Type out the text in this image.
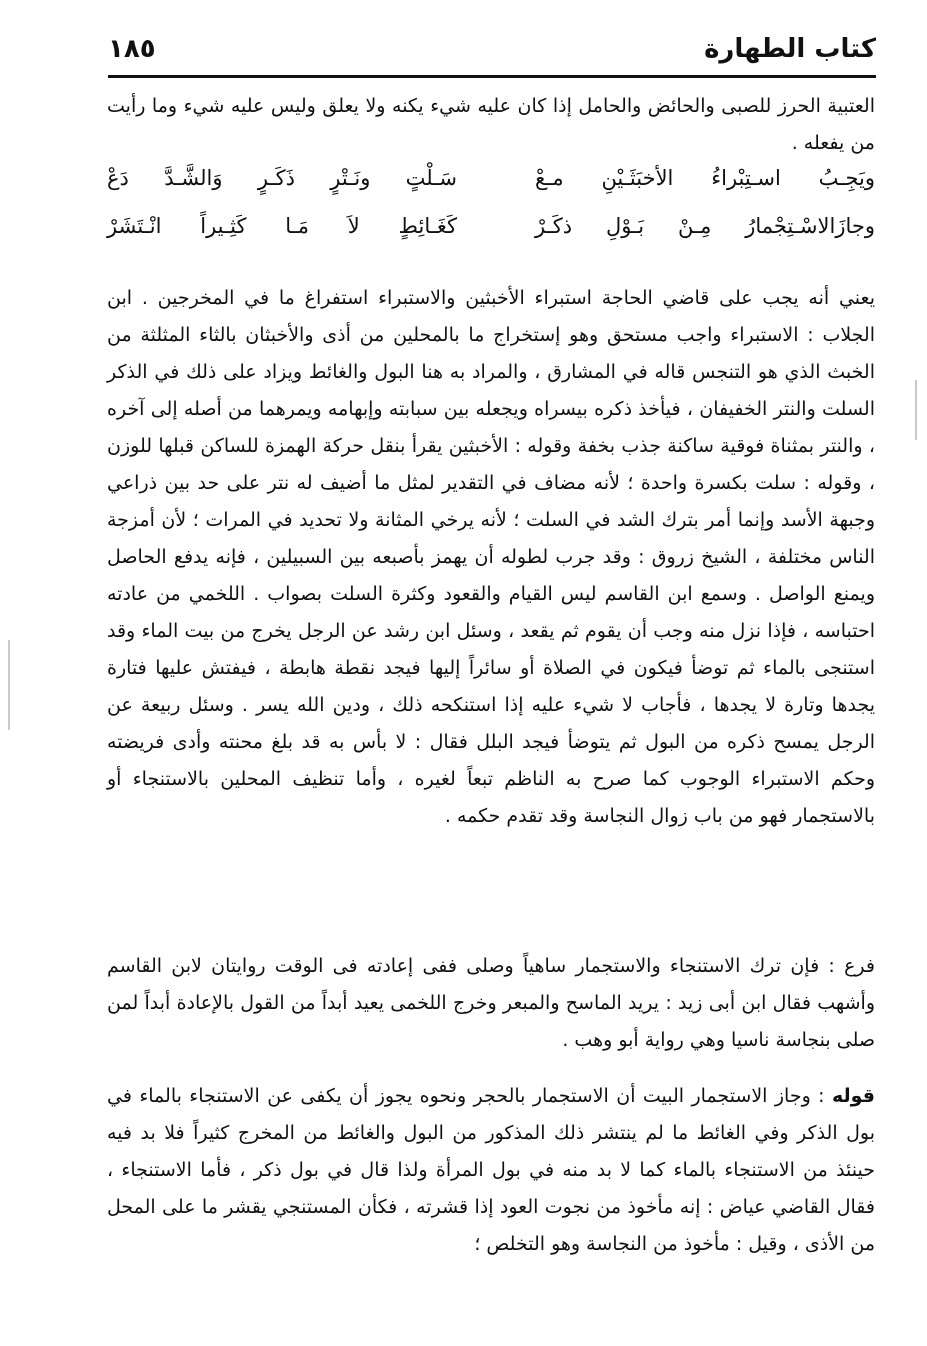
كتاب الطهارة
١٨٥

العتبية الحرز للصبى والحائض والحامل إذا كان عليه شيء يكنه ولا يعلق وليس عليه شيء وما رأيت من يفعله .

ويَجِـبُ اسـتِبْراءُ الأخبَثَـيْنِ مـعْ
سَـلْتٍ ونَـتْرٍ ذَكَـرٍ وَالشَّـدَّ دَعْ
وجازَالاسْـتِجْمارُ مِـنْ بَـوْلِ ذكَـرْ
كَغَـائِطٍ لاَ مَـا كَثِـيراً انْـتَشَرْ

يعني أنه يجب على قاضي الحاجة استبراء الأخبثين والاستبراء استفراغ ما في المخرجين . ابن الجلاب : الاستبراء واجب مستحق وهو إستخراج ما بالمحلين من أذى والأخبثان بالثاء المثلثة من الخبث الذي هو التنجس قاله في المشارق ، والمراد به هنا البول والغائط ويزاد على ذلك في الذكر السلت والنتر الخفيفان ، فيأخذ ذكره بيسراه ويجعله بين سبابته وإبهامه ويمرهما من أصله إلى آخره ، والنتر بمثناة فوقية ساكنة جذب بخفة وقوله : الأخبثين يقرأ بنقل حركة الهمزة للساكن قبلها للوزن ، وقوله : سلت بكسرة واحدة ؛ لأنه مضاف في التقدير لمثل ما أضيف له نتر على حد بين ذراعي وجبهة الأسد وإنما أمر بترك الشد في السلت ؛ لأنه يرخي المثانة ولا تحديد في المرات ؛ لأن أمزجة الناس مختلفة ، الشيخ زروق : وقد جرب لطوله أن يهمز بأصبعه بين السبيلين ، فإنه يدفع الحاصل ويمنع الواصل . وسمع ابن القاسم ليس القيام والقعود وكثرة السلت بصواب . اللخمي من عادته احتباسه ، فإذا نزل منه وجب أن يقوم ثم يقعد ، وسئل ابن رشد عن الرجل يخرج من بيت الماء وقد استنجى بالماء ثم توضأ فيكون في الصلاة أو سائراً إليها فيجد نقطة هابطة ، فيفتش عليها فتارة يجدها وتارة لا يجدها ، فأجاب لا شيء عليه إذا استنكحه ذلك ، ودين الله يسر . وسئل ربيعة عن الرجل يمسح ذكره من البول ثم يتوضأ فيجد البلل فقال : لا بأس به قد بلغ محنته وأدى فريضته وحكم الاستبراء الوجوب كما صرح به الناظم تبعاً لغيره ، وأما تنظيف المحلين بالاستنجاء أو بالاستجمار فهو من باب زوال النجاسة وقد تقدم حكمه .

فرع : فإن ترك الاستنجاء والاستجمار ساهياً وصلى ففى إعادته فى الوقت روايتان لابن القاسم وأشهب فقال ابن أبى زيد : يريد الماسح والمبعر وخرج اللخمى يعيد أبداً من القول بالإعادة أبداً لمن صلى بنجاسة ناسيا وهي رواية أبو وهب .

قوله : وجاز الاستجمار البيت أن الاستجمار بالحجر ونحوه يجوز أن يكفى عن الاستنجاء بالماء في بول الذكر وفي الغائط ما لم ينتشر ذلك المذكور من البول والغائط من المخرج كثيراً فلا بد فيه حينئذ من الاستنجاء بالماء كما لا بد منه في بول المرأة ولذا قال في بول ذكر ، فأما الاستنجاء ، فقال القاضي عياض : إنه مأخوذ من نجوت العود إذا قشرته ، فكأن المستنجي يقشر ما على المحل من الأذى ، وقيل : مأخوذ من النجاسة وهو التخلص ؛
